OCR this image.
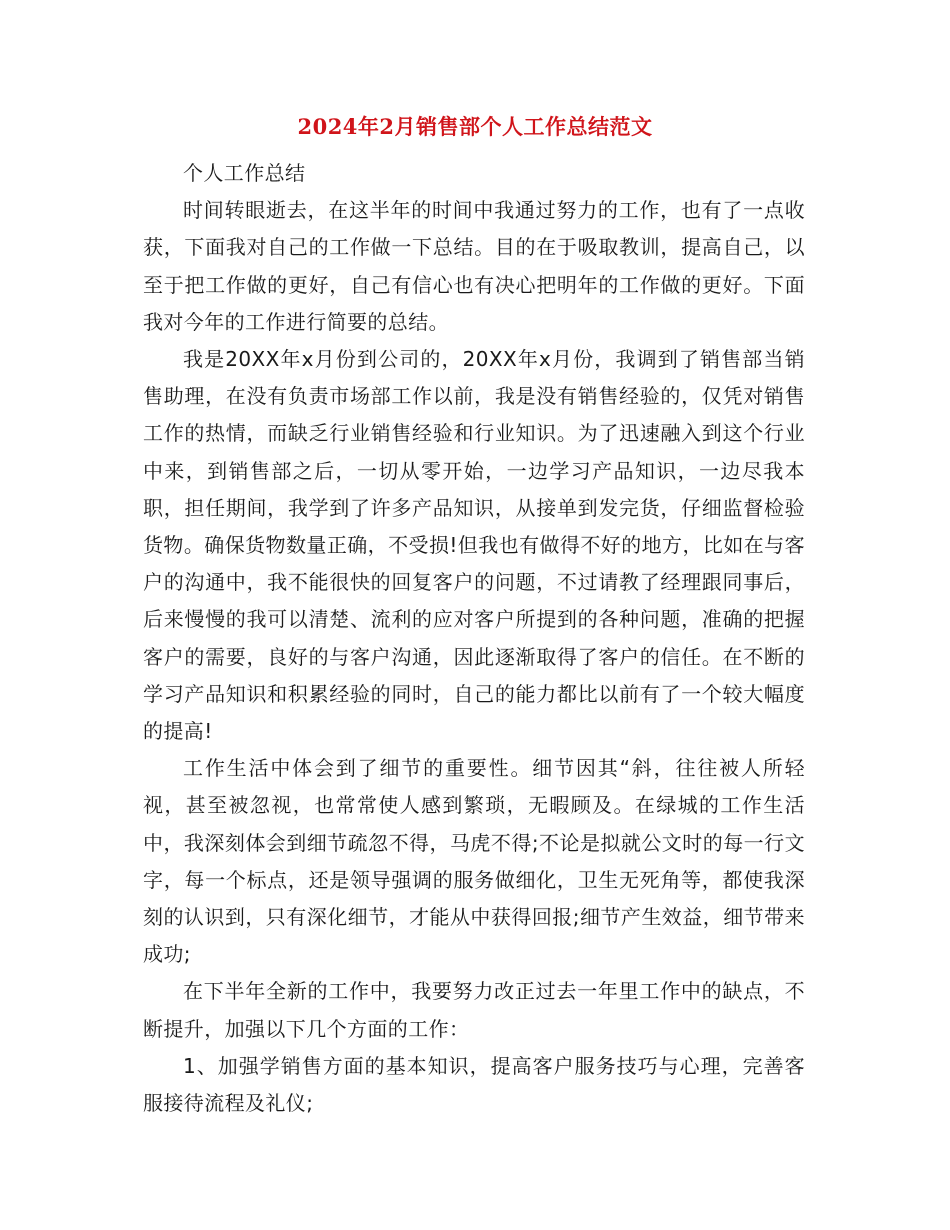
2024年2月销售部个人工作总结范文

个人工作总结

时间转眼逝去，在这半年的时间中我通过努力的工作，也有了一点收获，下面我对自己的工作做一下总结。目的在于吸取教训，提高自己，以至于把工作做的更好，自己有信心也有决心把明年的工作做的更好。下面我对今年的工作进行简要的总结。

我是20XX年x月份到公司的，20XX年x月份，我调到了销售部当销售助理，在没有负责市场部工作以前，我是没有销售经验的，仅凭对销售工作的热情，而缺乏行业销售经验和行业知识。为了迅速融入到这个行业中来，到销售部之后，一切从零开始，一边学习产品知识，一边尽我本职，担任期间，我学到了许多产品知识，从接单到发完货，仔细监督检验货物。确保货物数量正确，不受损!但我也有做得不好的地方，比如在与客户的沟通中，我不能很快的回复客户的问题，不过请教了经理跟同事后，后来慢慢的我可以清楚、流利的应对客户所提到的各种问题，准确的把握客户的需要，良好的与客户沟通，因此逐渐取得了客户的信任。在不断的学习产品知识和积累经验的同时，自己的能力都比以前有了一个较大幅度的提高!

工作生活中体会到了细节的重要性。细节因其“斜，往往被人所轻视，甚至被忽视，也常常使人感到繁琐，无暇顾及。在绿城的工作生活中，我深刻体会到细节疏忽不得，马虎不得;不论是拟就公文时的每一行文字，每一个标点，还是领导强调的服务做细化，卫生无死角等，都使我深刻的认识到，只有深化细节，才能从中获得回报;细节产生效益，细节带来成功;

在下半年全新的工作中，我要努力改正过去一年里工作中的缺点，不断提升，加强以下几个方面的工作：

1、加强学销售方面的基本知识，提高客户服务技巧与心理，完善客服接待流程及礼仪;
